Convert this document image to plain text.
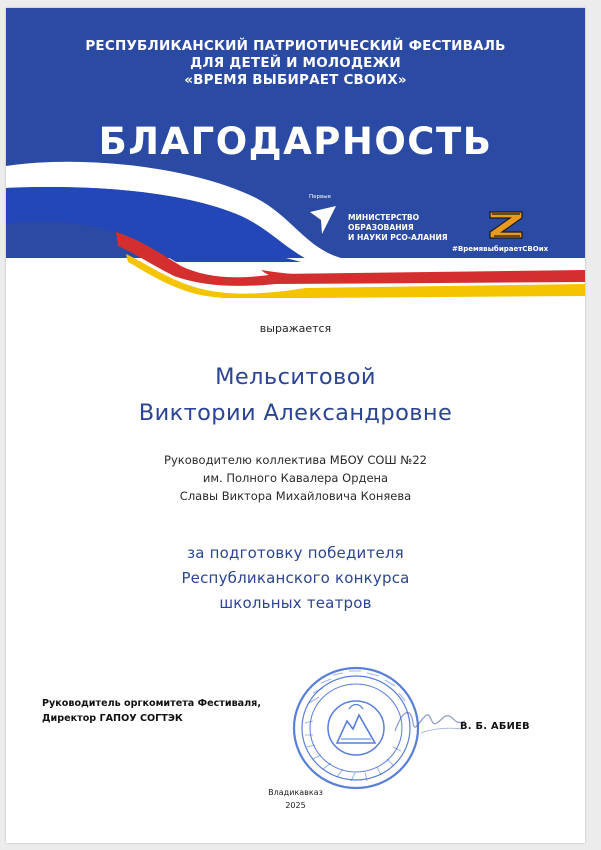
РЕСПУБЛИКАНСКИЙ ПАТРИОТИЧЕСКИЙ ФЕСТИВАЛЬ
ДЛЯ ДЕТЕЙ И МОЛОДЕЖИ
«ВРЕМЯ ВЫБИРАЕТ СВОИХ»
БЛАГОДАРНОСТЬ
Первые
МИНИСТЕРСТВО
ОБРАЗОВАНИЯ
И НАУКИ РСО-АЛАНИЯ
#ВремявыбираетСВОих
выражается
Мельситовой
Виктории Александровне
Руководителю коллектива МБОУ СОШ №22
им. Полного Кавалера Ордена
Славы Виктора Михайловича Коняева
за подготовку победителя
Республиканского конкурса
школьных театров
Руководитель оргкомитета Фестиваля,
Директор ГАПОУ СОГТЭК
В. Б. АБИЕВ
Владикавказ
2025
